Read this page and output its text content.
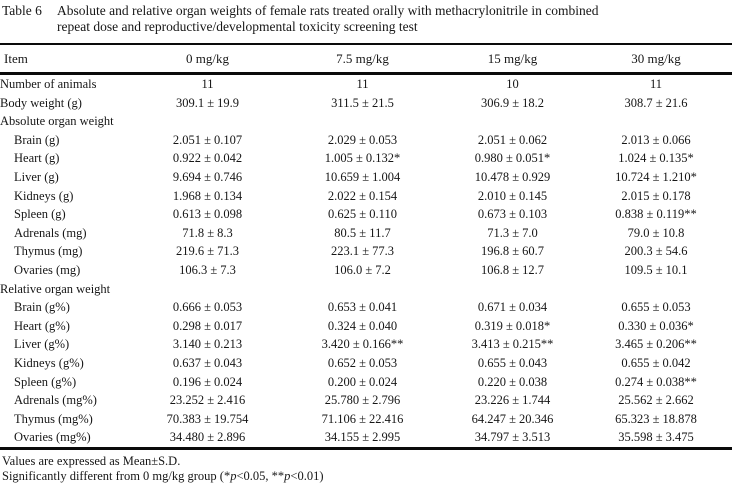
Table 6	Absolute and relative organ weights of female rats treated orally with methacrylonitrile in combined
repeat dose and reproductive/developmental toxicity screening test
Item	0 mg/kg	7.5 mg/kg	15 mg/kg	30 mg/kg
Number of animals	11	11	10	11
Body weight (g)	309.1 ± 19.9	311.5 ± 21.5	306.9 ± 18.2	308.7 ± 21.6
Absolute organ weight				
Brain (g)	2.051 ± 0.107	2.029 ± 0.053	2.051 ± 0.062	2.013 ± 0.066
Heart (g)	0.922 ± 0.042	1.005 ± 0.132*	0.980 ± 0.051*	1.024 ± 0.135*
Liver (g)	9.694 ± 0.746	10.659 ± 1.004	10.478 ± 0.929	10.724 ± 1.210*
Kidneys (g)	1.968 ± 0.134	2.022 ± 0.154	2.010 ± 0.145	2.015 ± 0.178
Spleen (g)	0.613 ± 0.098	0.625 ± 0.110	0.673 ± 0.103	0.838 ± 0.119**
Adrenals (mg)	71.8 ± 8.3	80.5 ± 11.7	71.3 ± 7.0	79.0 ± 10.8
Thymus (mg)	219.6 ± 71.3	223.1 ± 77.3	196.8 ± 60.7	200.3 ± 54.6
Ovaries (mg)	106.3 ± 7.3	106.0 ± 7.2	106.8 ± 12.7	109.5 ± 10.1
Relative organ weight				
Brain (g%)	0.666 ± 0.053	0.653 ± 0.041	0.671 ± 0.034	0.655 ± 0.053
Heart (g%)	0.298 ± 0.017	0.324 ± 0.040	0.319 ± 0.018*	0.330 ± 0.036*
Liver (g%)	3.140 ± 0.213	3.420 ± 0.166**	3.413 ± 0.215**	3.465 ± 0.206**
Kidneys (g%)	0.637 ± 0.043	0.652 ± 0.053	0.655 ± 0.043	0.655 ± 0.042
Spleen (g%)	0.196 ± 0.024	0.200 ± 0.024	0.220 ± 0.038	0.274 ± 0.038**
Adrenals (mg%)	23.252 ± 2.416	25.780 ± 2.796	23.226 ± 1.744	25.562 ± 2.662
Thymus (mg%)	70.383 ± 19.754	71.106 ± 22.416	64.247 ± 20.346	65.323 ± 18.878
Ovaries (mg%)	34.480 ± 2.896	34.155 ± 2.995	34.797 ± 3.513	35.598 ± 3.475
Values are expressed as Mean±S.D.
Significantly different from 0 mg/kg group (*p<0.05, **p<0.01)
